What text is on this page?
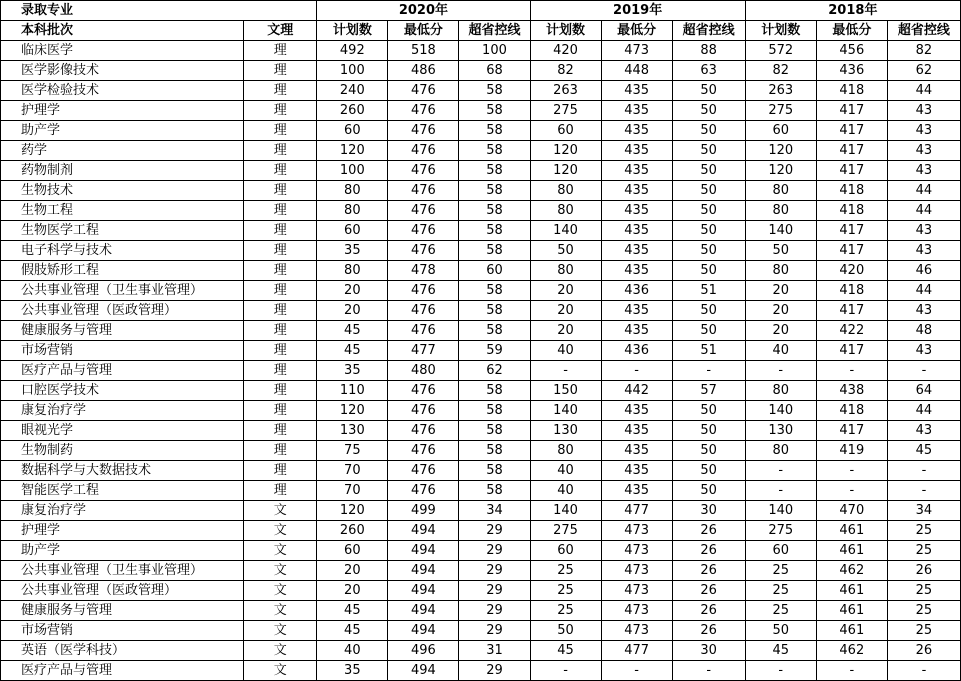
录取专业		2020年			2019年			2018年		
本科批次	文理	计划数	最低分	超省控线	计划数	最低分	超省控线	计划数	最低分	超省控线
临床医学	理	492	518	100	420	473	88	572	456	82
医学影像技术	理	100	486	68	82	448	63	82	436	62
医学检验技术	理	240	476	58	263	435	50	263	418	44
护理学	理	260	476	58	275	435	50	275	417	43
助产学	理	60	476	58	60	435	50	60	417	43
药学	理	120	476	58	120	435	50	120	417	43
药物制剂	理	100	476	58	120	435	50	120	417	43
生物技术	理	80	476	58	80	435	50	80	418	44
生物工程	理	80	476	58	80	435	50	80	418	44
生物医学工程	理	60	476	58	140	435	50	140	417	43
电子科学与技术	理	35	476	58	50	435	50	50	417	43
假肢矫形工程	理	80	478	60	80	435	50	80	420	46
公共事业管理（卫生事业管理）	理	20	476	58	20	436	51	20	418	44
公共事业管理（医政管理）	理	20	476	58	20	435	50	20	417	43
健康服务与管理	理	45	476	58	20	435	50	20	422	48
市场营销	理	45	477	59	40	436	51	40	417	43
医疗产品与管理	理	35	480	62	-	-	-	-	-	-
口腔医学技术	理	110	476	58	150	442	57	80	438	64
康复治疗学	理	120	476	58	140	435	50	140	418	44
眼视光学	理	130	476	58	130	435	50	130	417	43
生物制药	理	75	476	58	80	435	50	80	419	45
数据科学与大数据技术	理	70	476	58	40	435	50	-	-	-
智能医学工程	理	70	476	58	40	435	50	-	-	-
康复治疗学	文	120	499	34	140	477	30	140	470	34
护理学	文	260	494	29	275	473	26	275	461	25
助产学	文	60	494	29	60	473	26	60	461	25
公共事业管理（卫生事业管理）	文	20	494	29	25	473	26	25	462	26
公共事业管理（医政管理）	文	20	494	29	25	473	26	25	461	25
健康服务与管理	文	45	494	29	25	473	26	25	461	25
市场营销	文	45	494	29	50	473	26	50	461	25
英语（医学科技）	文	40	496	31	45	477	30	45	462	26
医疗产品与管理	文	35	494	29	-	-	-	-	-	-
